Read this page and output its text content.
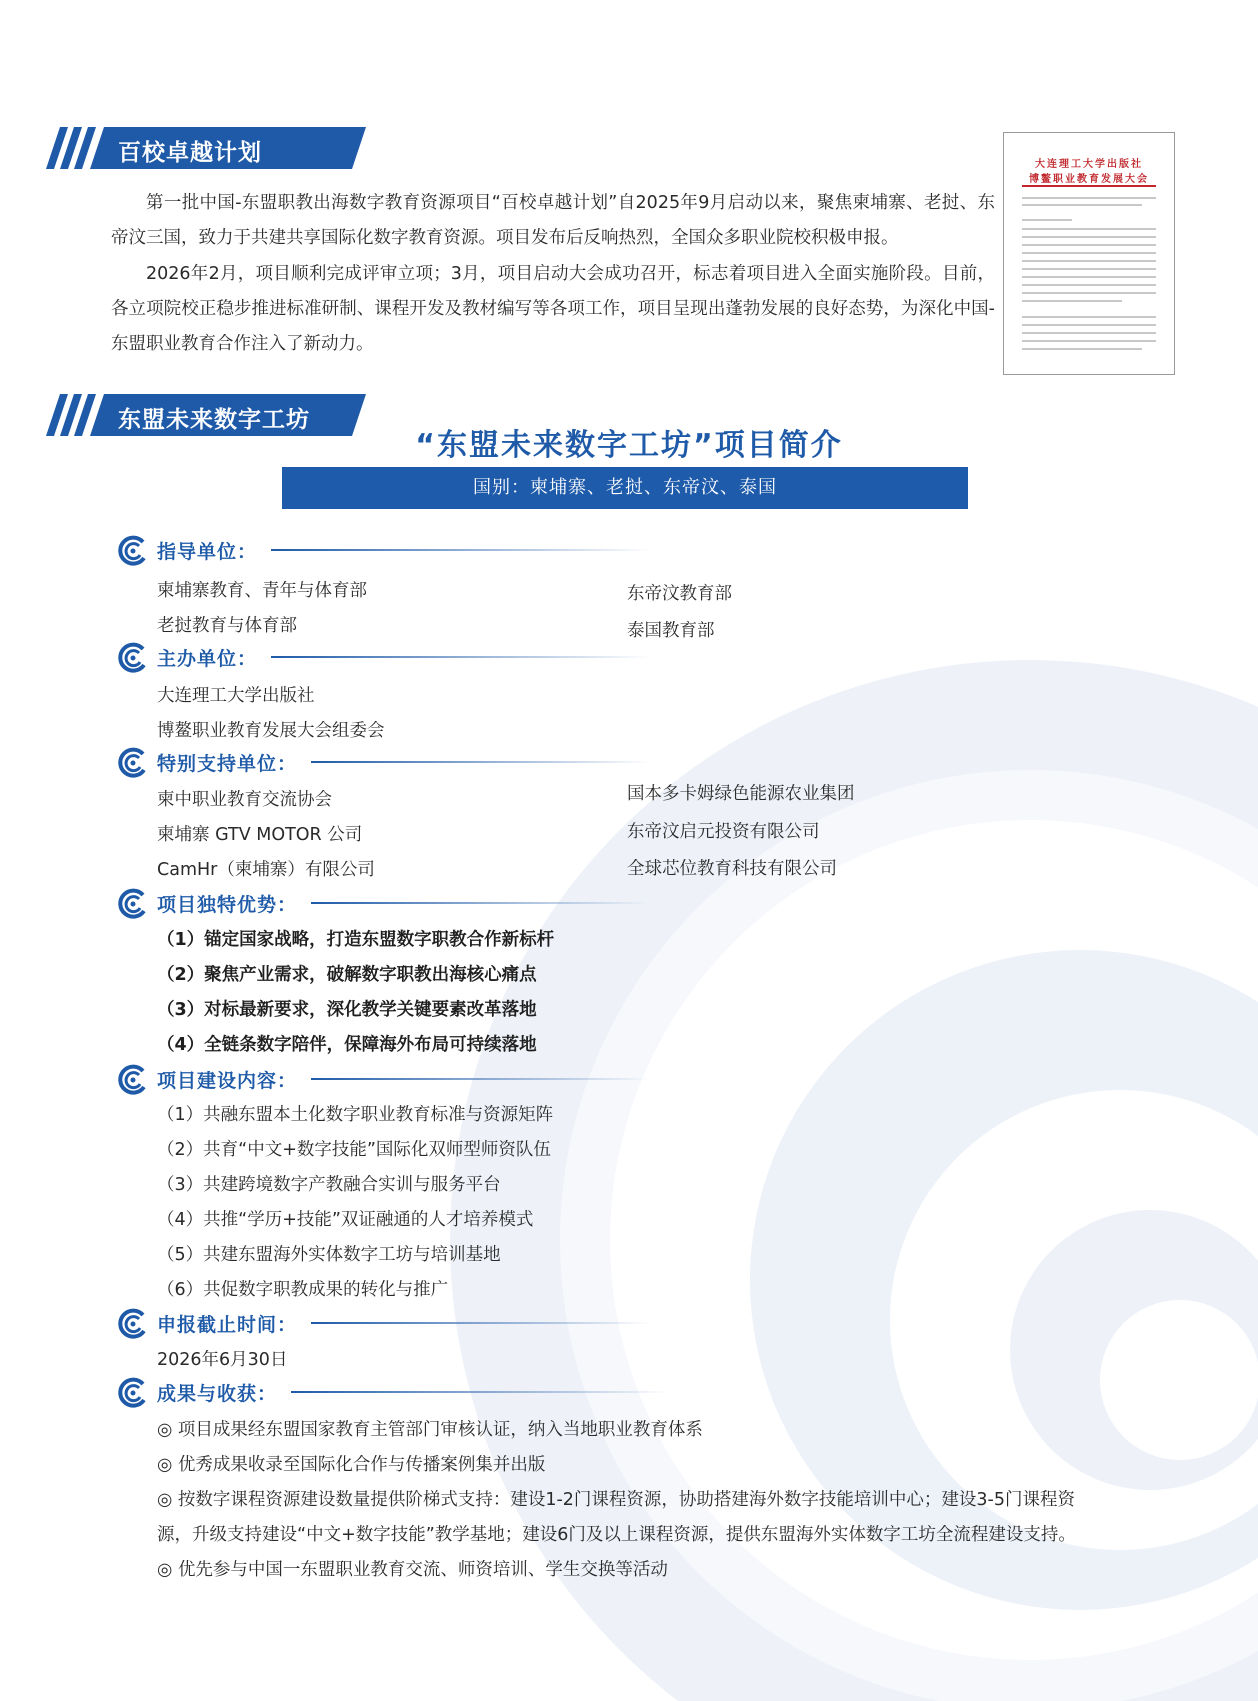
百校卓越计划
第一批中国-东盟职教出海数字教育资源项目“百校卓越计划”自2025年9月启动以来，聚焦柬埔寨、老挝、东帝汶三国，致力于共建共享国际化数字教育资源。项目发布后反响热烈，全国众多职业院校积极申报。
2026年2月，项目顺利完成评审立项；3月，项目启动大会成功召开，标志着项目进入全面实施阶段。目前，各立项院校正稳步推进标准研制、课程开发及教材编写等各项工作，项目呈现出蓬勃发展的良好态势，为深化中国-东盟职业教育合作注入了新动力。
大连理工大学出版社
博鳌职业教育发展大会
东盟未来数字工坊
“东盟未来数字工坊”项目简介
国别：柬埔寨、老挝、东帝汶、泰国
指导单位：
柬埔寨教育、青年与体育部
老挝教育与体育部
东帝汶教育部
泰国教育部
主办单位：
大连理工大学出版社
博鳌职业教育发展大会组委会
特别支持单位：
柬中职业教育交流协会
柬埔寨 GTV MOTOR 公司
CamHr（柬埔寨）有限公司
国本多卡姆绿色能源农业集团
东帝汶启元投资有限公司
全球芯位教育科技有限公司
项目独特优势：
（1）锚定国家战略，打造东盟数字职教合作新标杆
（2）聚焦产业需求，破解数字职教出海核心痛点
（3）对标最新要求，深化教学关键要素改革落地
（4）全链条数字陪伴，保障海外布局可持续落地
项目建设内容：
（1）共融东盟本土化数字职业教育标准与资源矩阵
（2）共育“中文+数字技能”国际化双师型师资队伍
（3）共建跨境数字产教融合实训与服务平台
（4）共推“学历+技能”双证融通的人才培养模式
（5）共建东盟海外实体数字工坊与培训基地
（6）共促数字职教成果的转化与推广
申报截止时间：
2026年6月30日
成果与收获：
◎ 项目成果经东盟国家教育主管部门审核认证，纳入当地职业教育体系
◎ 优秀成果收录至国际化合作与传播案例集并出版
◎ 按数字课程资源建设数量提供阶梯式支持：建设1-2门课程资源，协助搭建海外数字技能培训中心；建设3-5门课程资
源，升级支持建设“中文+数字技能”教学基地；建设6门及以上课程资源，提供东盟海外实体数字工坊全流程建设支持。
◎ 优先参与中国一东盟职业教育交流、师资培训、学生交换等活动
